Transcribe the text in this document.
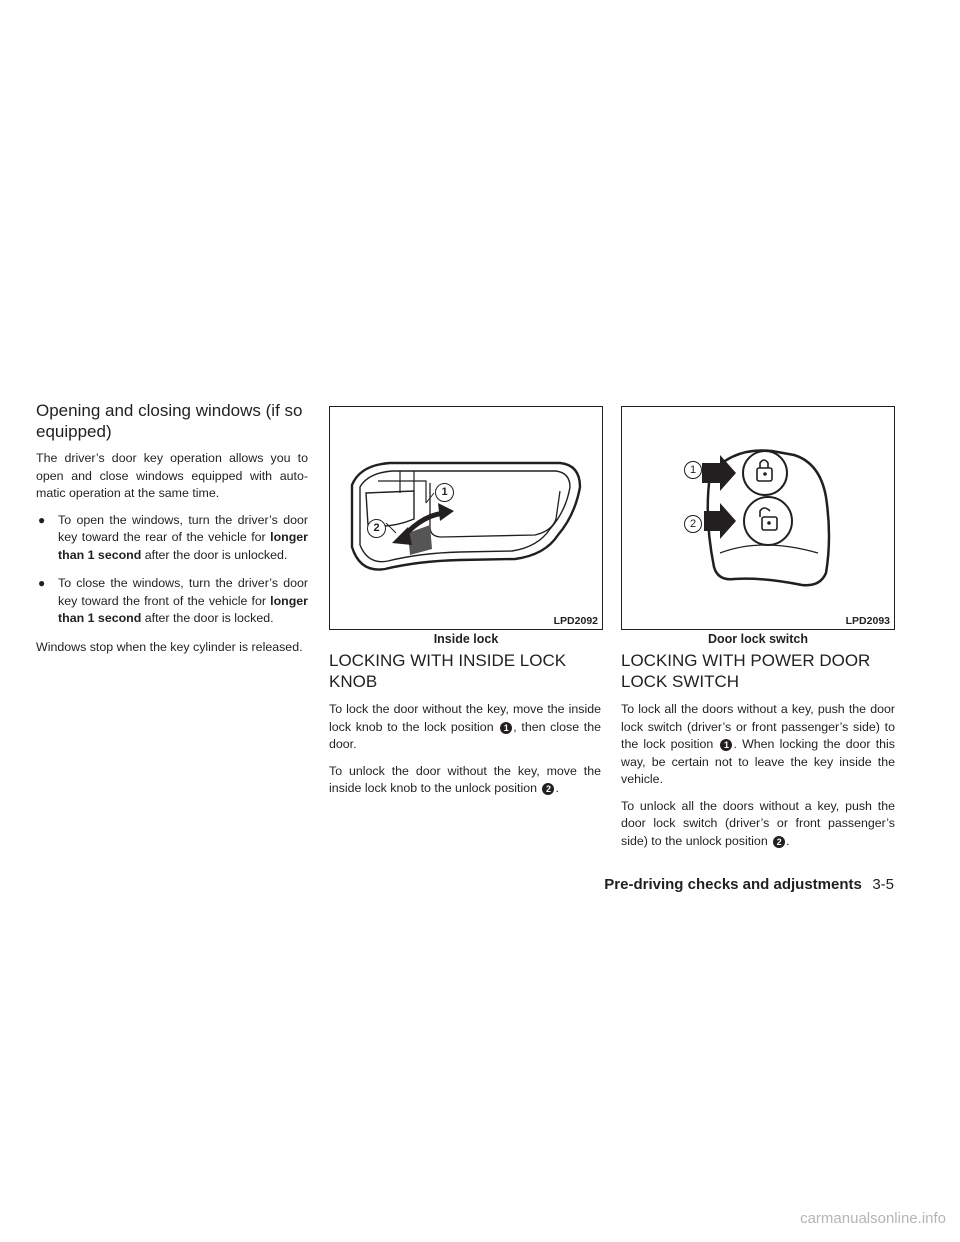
Opening and closing windows (if so equipped)

The driver’s door key operation allows you to open and close windows equipped with auto-matic operation at the same time.

● To open the windows, turn the driver’s door key toward the rear of the vehicle for longer than 1 second after the door is unlocked.
● To close the windows, turn the driver’s door key toward the front of the vehicle for longer than 1 second after the door is locked.

Windows stop when the key cylinder is released.

1
2
LPD2092
Inside lock
1
2
LPD2093
Door lock switch
LOCKING WITH INSIDE LOCK KNOB

To lock the door without the key, move the inside lock knob to the lock position 1 , then close the door.

To unlock the door without the key, move the inside lock knob to the unlock position 2 .

LOCKING WITH POWER DOOR LOCK SWITCH

To lock all the doors without a key, push the door lock switch (driver’s or front passenger’s side) to the lock position 1 . When locking the door this way, be certain not to leave the key inside the vehicle.

To unlock all the doors without a key, push the door lock switch (driver’s or front passenger’s side) to the unlock position 2 .

Pre-driving checks and adjustments 3-5
carmanualsonline.info
